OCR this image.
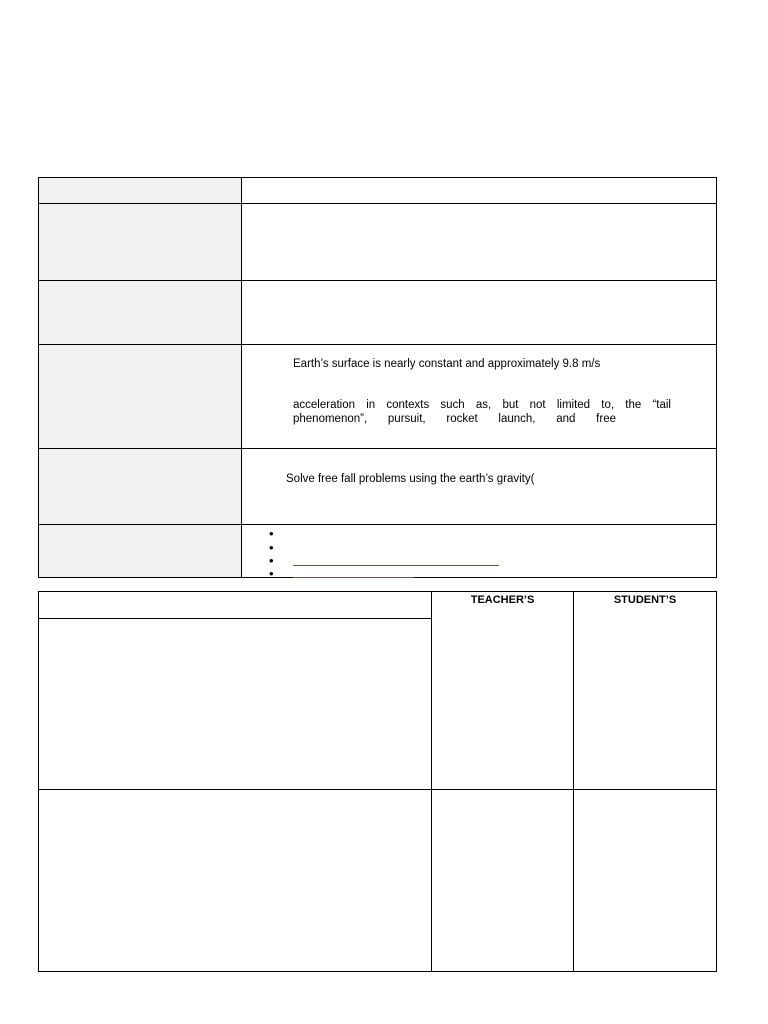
Earth’s surface is nearly constant and approximately 9.8 m/s
acceleration in contexts such as, but not limited to, the “tail
phenomenon”, pursuit, rocket launch, and free
Solve free fall problems using the earth’s gravity(
•
•
•
•
TEACHER’S	STUDENT’S
